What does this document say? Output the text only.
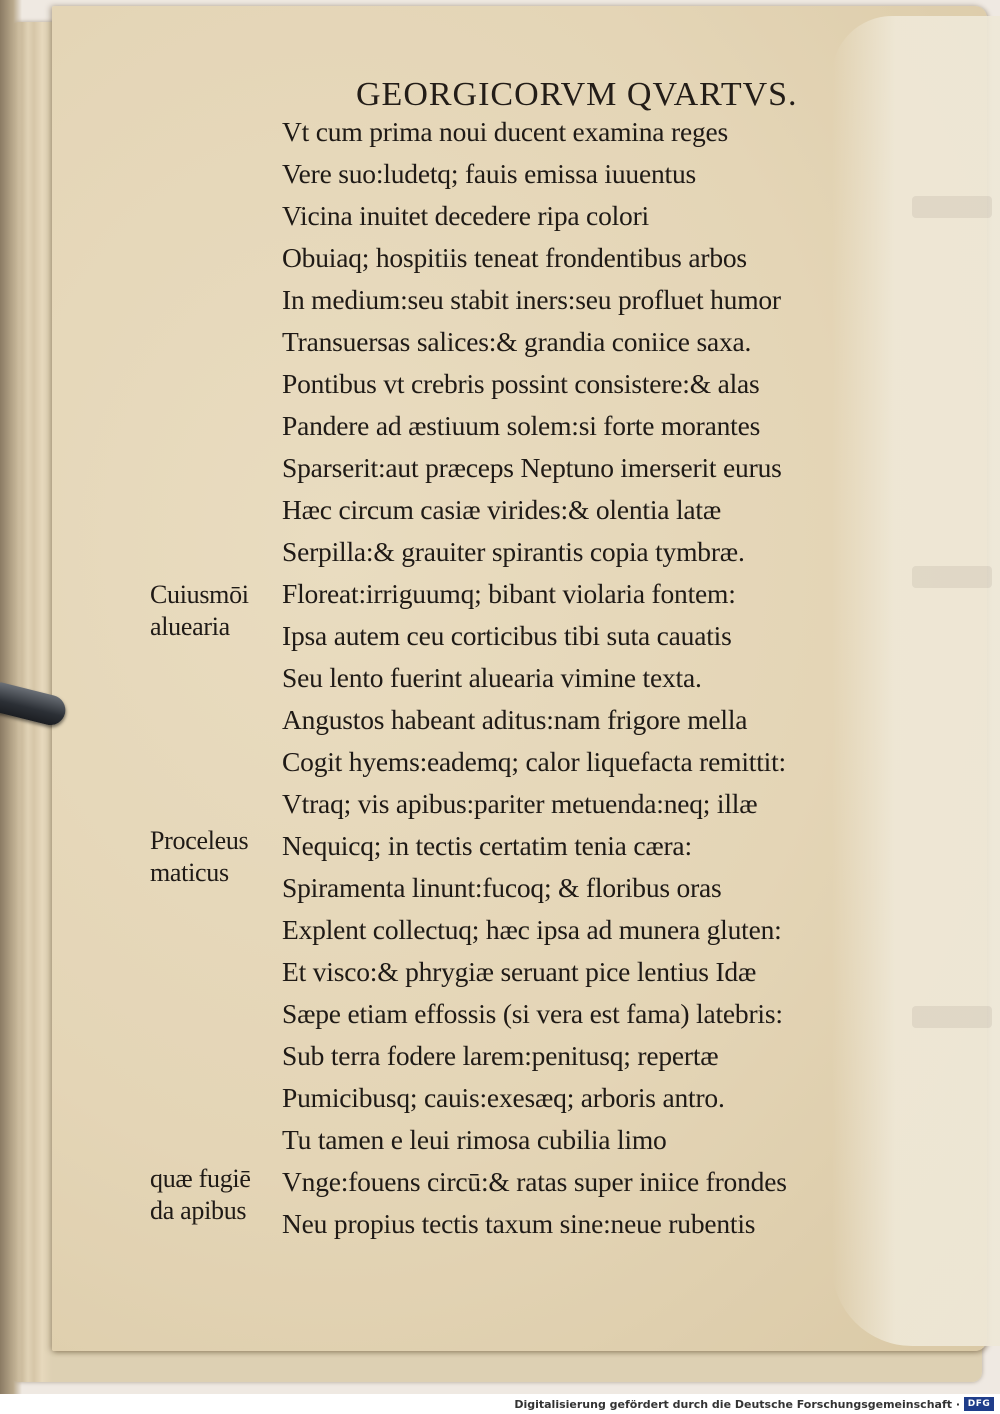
GEORGICORVM QVARTVS.
Vt cum prima noui ducent examina reges
Vere suo:ludetq; fauis emissa iuuentus
Vicina inuitet decedere ripa colori
Obuiaq; hospitiis teneat frondentibus arbos
In medium:seu stabit iners:seu profluet humor
Transuersas salices:& grandia coniice saxa.
Pontibus vt crebris possint consistere:& alas
Pandere ad æstiuum solem:si forte morantes
Sparserit:aut præceps Neptuno imerserit eurus
Hæc circum casiæ virides:& olentia latæ
Serpilla:& grauiter spirantis copia tymbræ.
Floreat:irriguumq; bibant violaria fontem:
Ipsa autem ceu corticibus tibi suta cauatis
Seu lento fuerint aluearia vimine texta.
Angustos habeant aditus:nam frigore mella
Cogit hyems:eademq; calor liquefacta remittit:
Vtraq; vis apibus:pariter metuenda:neq; illæ
Nequicq; in tectis certatim tenia cæra:
Spiramenta linunt:fucoq; & floribus oras
Explent collectuq; hæc ipsa ad munera gluten:
Et visco:& phrygiæ seruant pice lentius Idæ
Sæpe etiam effossis (si vera est fama) latebris:
Sub terra fodere larem:penitusq; repertæ
Pumicibusq; cauis:exesæq; arboris antro.
Tu tamen e leui rimosa cubilia limo
Vnge:fouens circū:& ratas super iniice frondes
Neu propius tectis taxum sine:neue rubentis
Cuiusmōi
aluearia
Proceleus
maticus
quæ fugiē
da apibus
Digitalisierung gefördert durch die Deutsche Forschungsgemeinschaft · DFG
